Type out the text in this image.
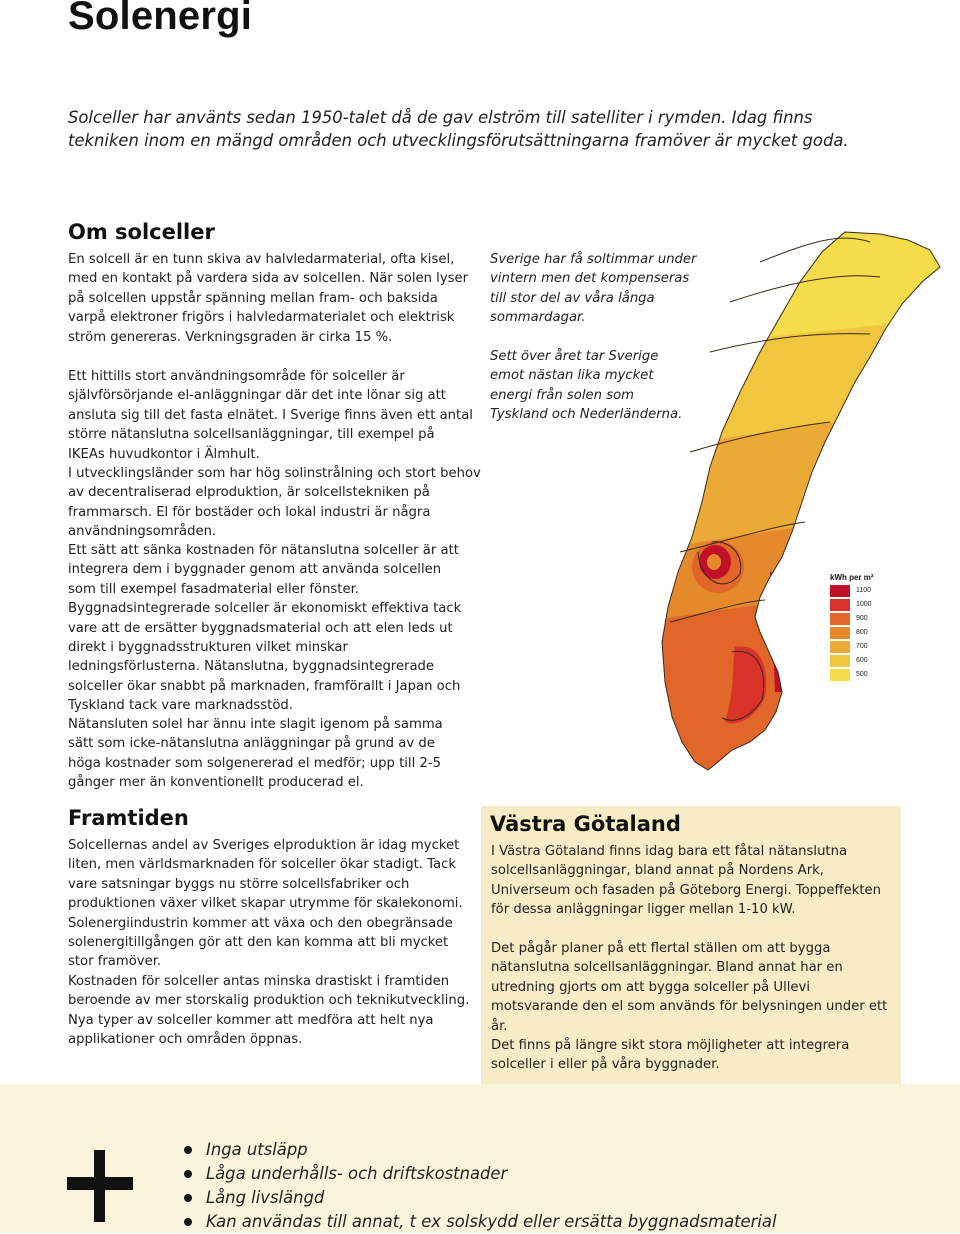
Solenergi

Solceller har använts sedan 1950-talet då de gav elström till satelliter i rymden. Idag finns tekniken inom en mängd områden och utvecklingsförutsättningarna framöver är mycket goda.

Om solceller

En solcell är en tunn skiva av halvledarmaterial, ofta kisel, med en kontakt på vardera sida av solcellen. När solen lyser på solcellen uppstår spänning mellan fram- och baksida varpå elektroner frigörs i halvledarmaterialet och elektrisk ström genereras. Verkningsgraden är cirka 15 %.

Ett hittills stort användningsområde för solceller är självförsörjande el-anläggningar där det inte lönar sig att ansluta sig till det fasta elnätet. I Sverige finns även ett antal större nätanslutna solcellsanläggningar, till exempel på IKEAs huvudkontor i Älmhult.

I utvecklingsländer som har hög solinstrålning och stort behov av decentraliserad elproduktion, är solcellstekniken på frammarsch. El för bostäder och lokal industri är några användningsområden.

Ett sätt att sänka kostnaden för nätanslutna solceller är att integrera dem i byggnader genom att använda solcellen som till exempel fasadmaterial eller fönster. Byggnadsintegrerade solceller är ekonomiskt effektiva tack vare att de ersätter byggnadsmaterial och att elen leds ut direkt i byggnadsstrukturen vilket minskar ledningsförlusterna. Nätanslutna, byggnadsintegrerade solceller ökar snabbt på marknaden, framförallt i Japan och Tyskland tack vare marknadsstöd.

Nätansluten solel har ännu inte slagit igenom på samma sätt som icke-nätanslutna anläggningar på grund av de höga kostnader som solgenererad el medför; upp till 2-5 gånger mer än konventionellt producerad el.

Sverige har få soltimmar under vintern men det kompenseras till stor del av våra långa sommardagar.

Sett över året tar Sverige emot nästan lika mycket energi från solen som Tyskland och Nederländerna.

kWh per m²
1100
1000
900
800
700
600
500
Framtiden

Solcellernas andel av Sveriges elproduktion är idag mycket liten, men världsmarknaden för solceller ökar stadigt. Tack vare satsningar byggs nu större solcellsfabriker och produktionen växer vilket skapar utrymme för skalekonomi. Solenergiindustrin kommer att växa och den obegränsade solenergitillgången gör att den kan komma att bli mycket stor framöver.

Kostnaden för solceller antas minska drastiskt i framtiden beroende av mer storskalig produktion och teknikutveckling. Nya typer av solceller kommer att medföra att helt nya applikationer och områden öppnas.

Västra Götaland

I Västra Götaland finns idag bara ett fåtal nätanslutna solcellsanläggningar, bland annat på Nordens Ark, Universeum och fasaden på Göteborg Energi. Toppeffekten för dessa anläggningar ligger mellan 1-10 kW.

Det pågår planer på ett flertal ställen om att bygga nätanslutna solcellsanläggningar. Bland annat har en utredning gjorts om att bygga solceller på Ullevi motsvarande den el som används för belysningen under ett år.

Det finns på längre sikt stora möjligheter att integrera solceller i eller på våra byggnader.

Inga utsläpp
Låga underhålls- och driftskostnader
Lång livslängd
Kan användas till annat, t ex solskydd eller ersätta byggnadsmaterial
